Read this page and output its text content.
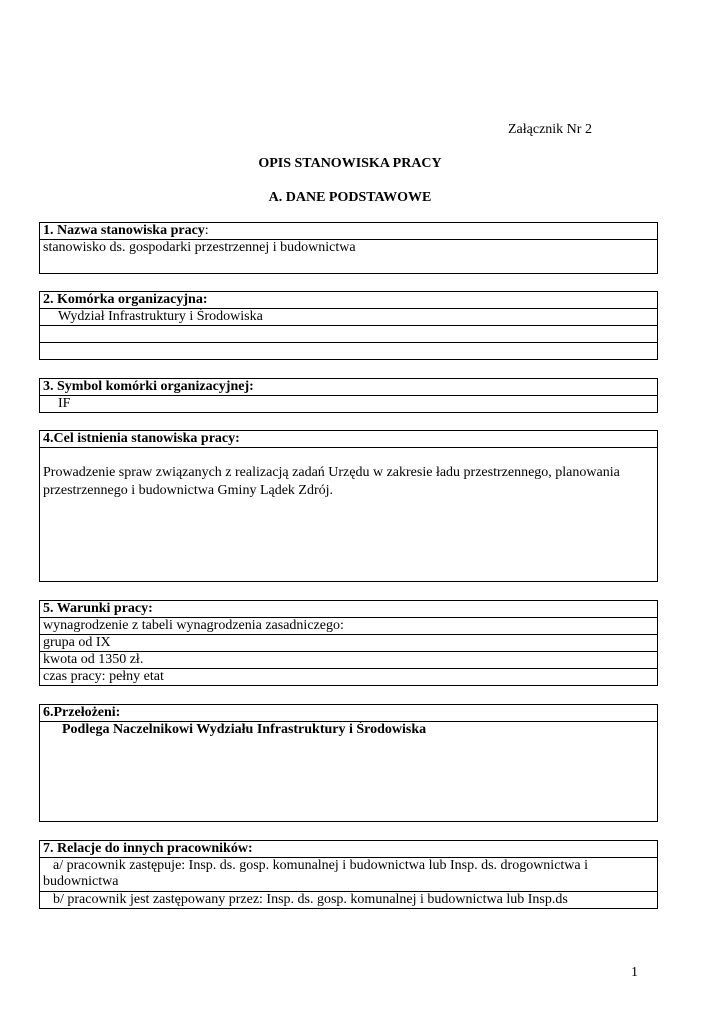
Załącznik Nr 2
OPIS STANOWISKA PRACY
A. DANE PODSTAWOWE
1. Nazwa stanowiska pracy:
stanowisko ds. gospodarki przestrzennej i budownictwa
2. Komórka organizacyjna:
Wydział Infrastruktury i Środowiska

3. Symbol komórki organizacyjnej:
IF
4.Cel istnienia stanowiska pracy:
Prowadzenie spraw związanych z realizacją zadań Urzędu w zakresie ładu przestrzennego, planowania przestrzennego i budownictwa Gminy Lądek Zdrój.
5. Warunki pracy:
wynagrodzenie z tabeli wynagrodzenia zasadniczego:
grupa od IX
kwota od 1350 zł.
czas pracy: pełny etat
6.Przełożeni:
Podlega Naczelnikowi Wydziału Infrastruktury i Środowiska
7. Relacje do innych pracowników:
a/ pracownik zastępuje: Insp. ds. gosp. komunalnej i budownictwa lub Insp. ds. drogownictwa i budownictwa
b/ pracownik jest zastępowany przez: Insp. ds. gosp. komunalnej i budownictwa lub Insp.ds
1
